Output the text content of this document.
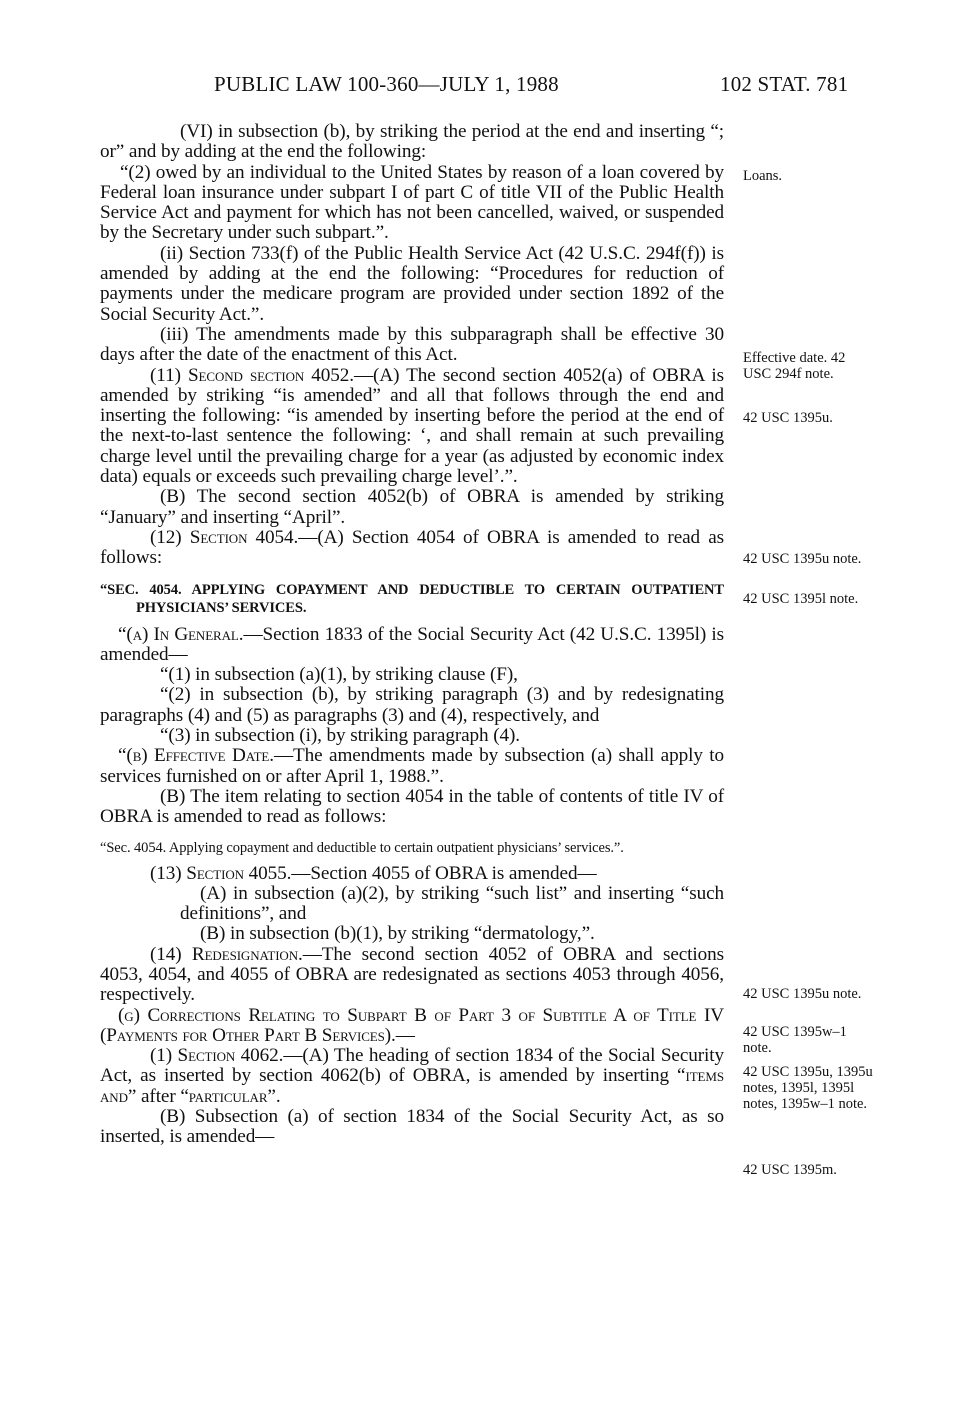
PUBLIC LAW 100-360—JULY 1, 1988	102 STAT. 781

(VI) in subsection (b), by striking the period at the end and inserting “; or” and by adding at the end the following:

“(2) owed by an individual to the United States by reason of a loan covered by Federal loan insurance under subpart I of part C of title VII of the Public Health Service Act and payment for which has not been cancelled, waived, or suspended by the Secretary under such subpart.”.

(ii) Section 733(f) of the Public Health Service Act (42 U.S.C. 294f(f)) is amended by adding at the end the following: “Procedures for reduction of payments under the medicare program are provided under section 1892 of the Social Security Act.”.

(iii) The amendments made by this subparagraph shall be effective 30 days after the date of the enactment of this Act.

(11) Second section 4052.—(A) The second section 4052(a) of OBRA is amended by striking “is amended” and all that follows through the end and inserting the following: “is amended by inserting before the period at the end of the next-to-last sentence the following: ‘, and shall remain at such prevailing charge level until the prevailing charge for a year (as adjusted by economic index data) equals or exceeds such prevailing charge level’.”.

(B) The second section 4052(b) of OBRA is amended by striking “January” and inserting “April”.

(12) Section 4054.—(A) Section 4054 of OBRA is amended to read as follows:

“SEC. 4054. APPLYING COPAYMENT AND DEDUCTIBLE TO CERTAIN OUTPATIENT PHYSICIANS’ SERVICES.

“(a) In General.—Section 1833 of the Social Security Act (42 U.S.C. 1395l) is amended—

“(1) in subsection (a)(1), by striking clause (F),

“(2) in subsection (b), by striking paragraph (3) and by redesignating paragraphs (4) and (5) as paragraphs (3) and (4), respectively, and

“(3) in subsection (i), by striking paragraph (4).

“(b) Effective Date.—The amendments made by subsection (a) shall apply to services furnished on or after April 1, 1988.”.

(B) The item relating to section 4054 in the table of contents of title IV of OBRA is amended to read as follows:

“Sec. 4054. Applying copayment and deductible to certain outpatient physicians’ services.”.

(13) Section 4055.—Section 4055 of OBRA is amended—

(A) in subsection (a)(2), by striking “such list” and inserting “such definitions”, and

(B) in subsection (b)(1), by striking “dermatology,”.

(14) Redesignation.—The second section 4052 of OBRA and sections 4053, 4054, and 4055 of OBRA are redesignated as sections 4053 through 4056, respectively.

(g) Corrections Relating to Subpart B of Part 3 of Subtitle A of Title IV (Payments for Other Part B Services).—

(1) Section 4062.—(A) The heading of section 1834 of the Social Security Act, as inserted by section 4062(b) of OBRA, is amended by inserting “items and” after “particular”.

(B) Subsection (a) of section 1834 of the Social Security Act, as so inserted, is amended—

Loans.
Effective date. 42 USC 294f note.
42 USC 1395u.
42 USC 1395u note.
42 USC 1395l note.
42 USC 1395u note.
42 USC 1395w–1 note.
42 USC 1395u, 1395u notes, 1395l, 1395l notes, 1395w–1 note.
42 USC 1395m.
